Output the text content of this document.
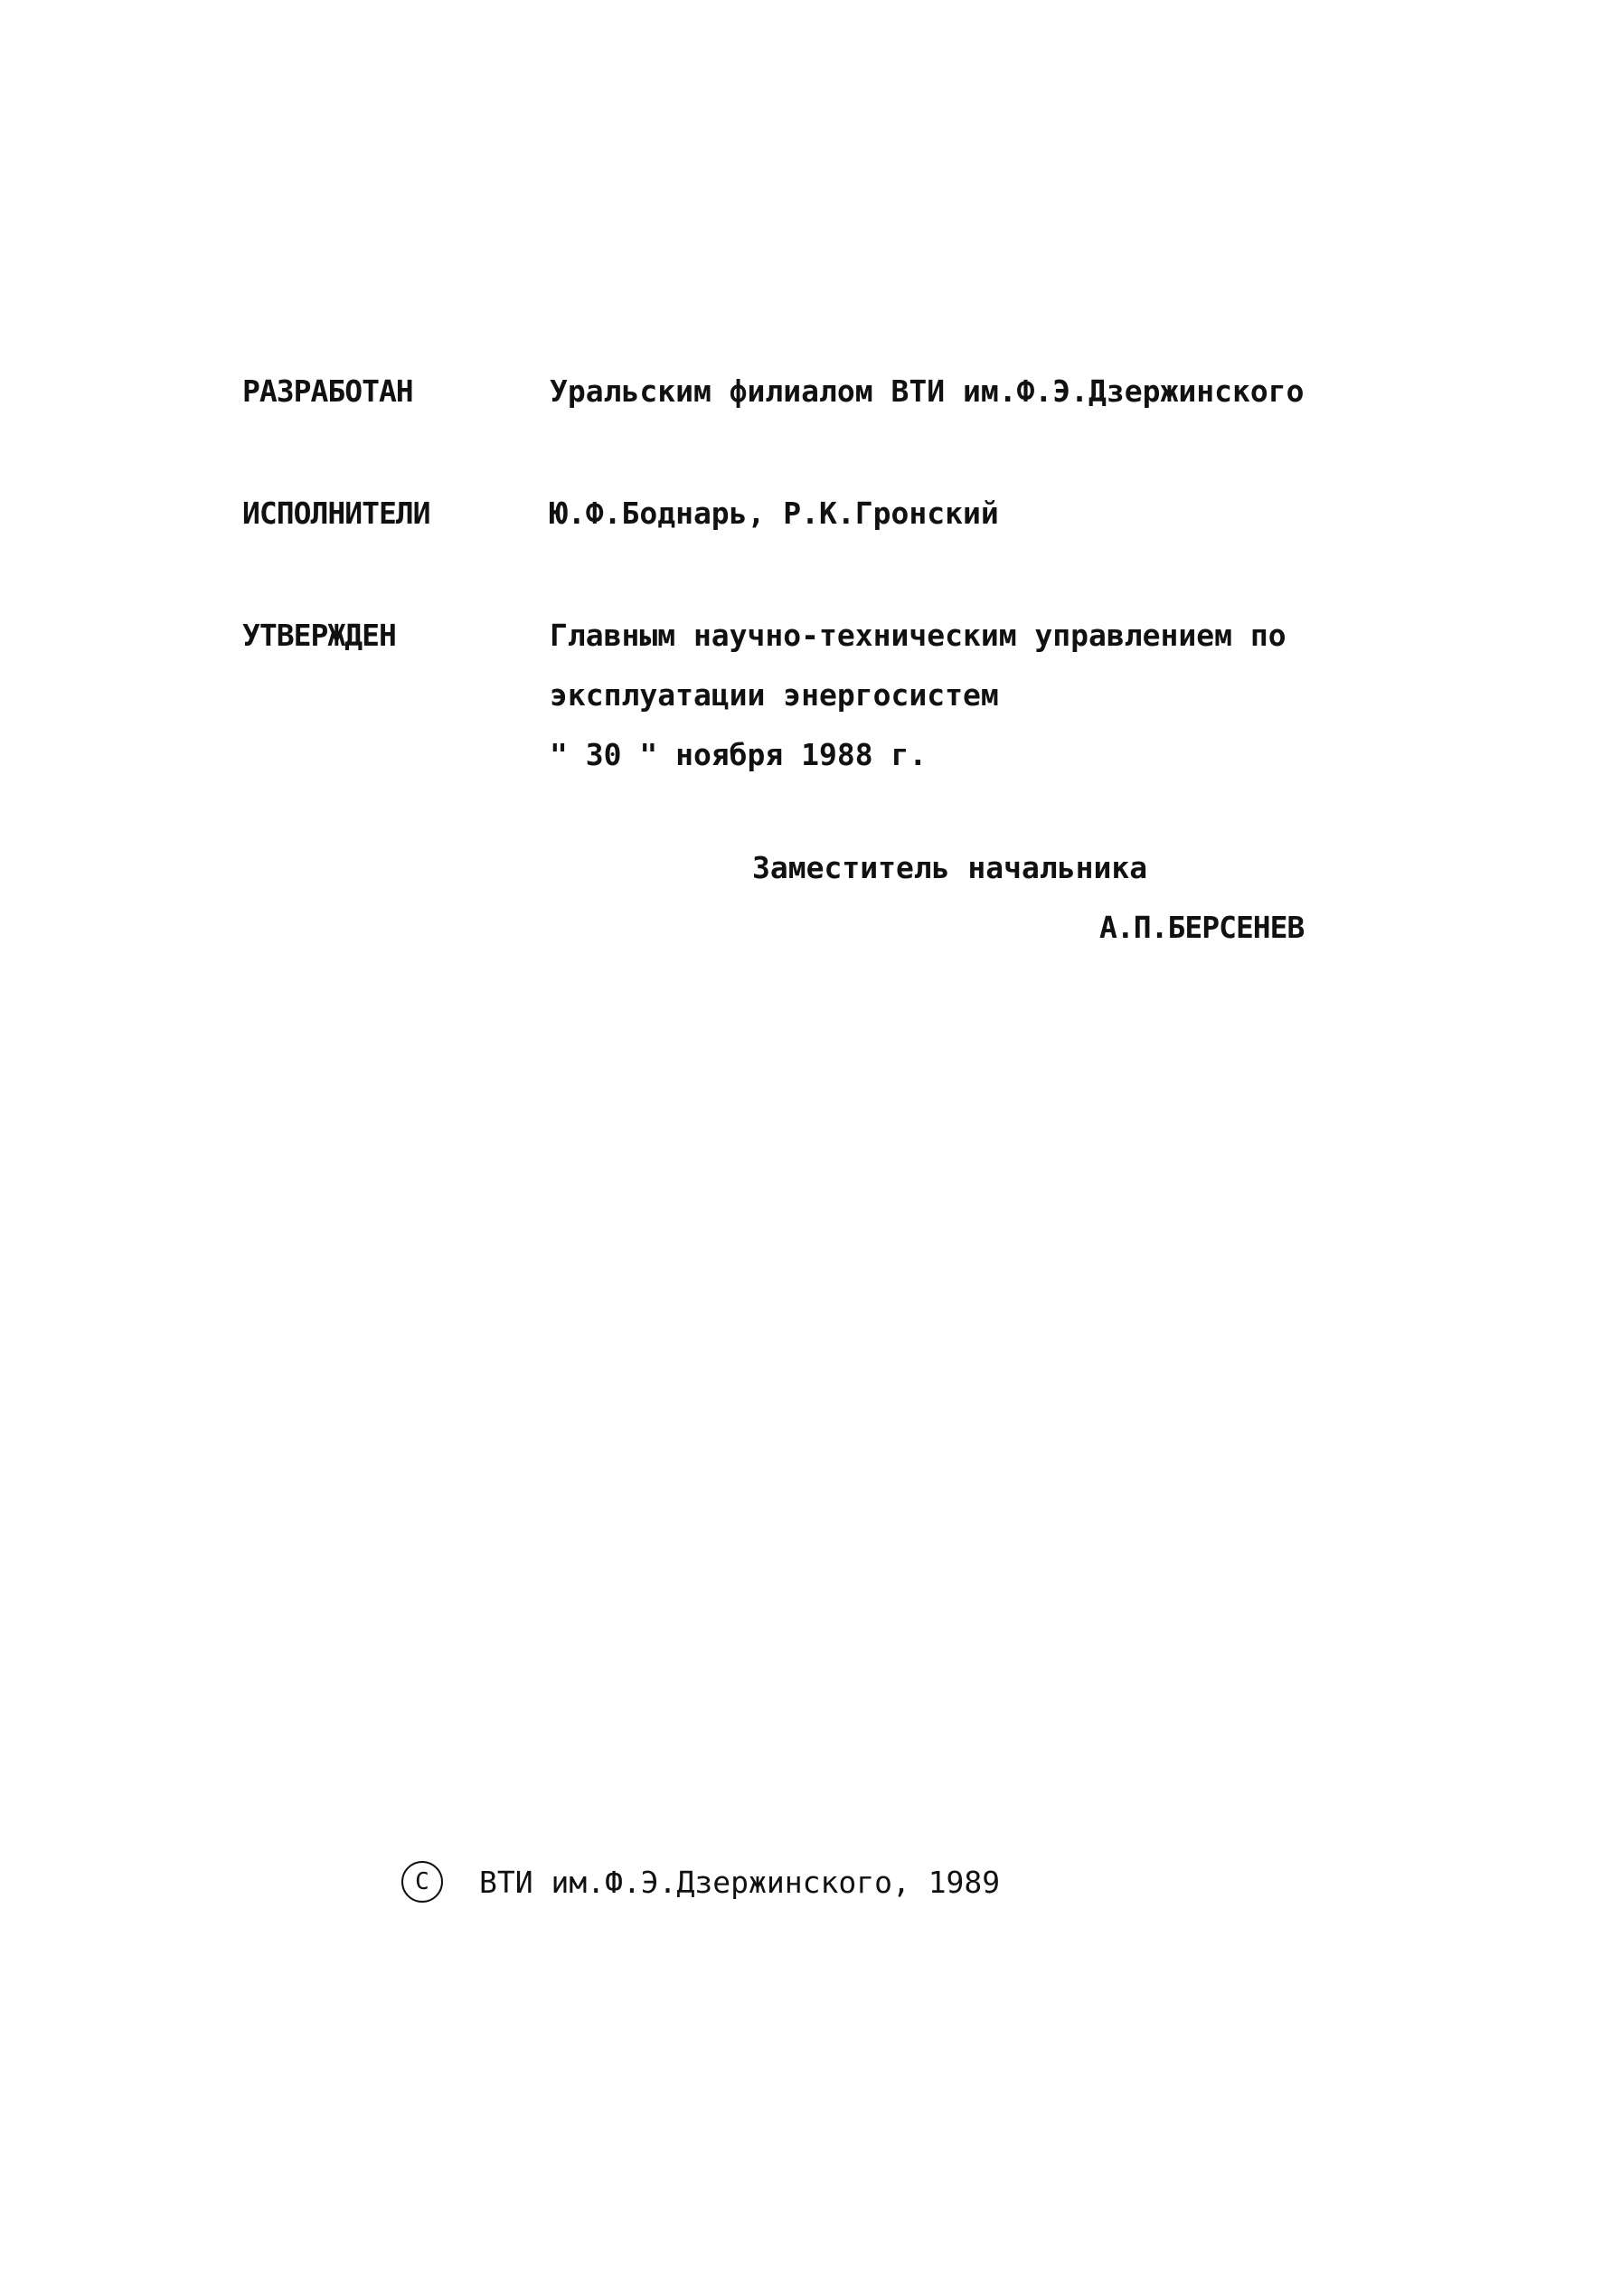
РАЗРАБОТАН	Уральским филиалом ВТИ им.Ф.Э.Дзержинского
ИСПОЛНИТЕЛИ	Ю.Ф.Боднарь, Р.К.Гронский
УТВЕРЖДЕН	Главным научно-техническим управлением по
эксплуатации энергосистем
" 30 " ноября 1988 г.
Заместитель начальника
А.П.БЕРСЕНЕВ
С	ВТИ им.Ф.Э.Дзержинского, 1989
